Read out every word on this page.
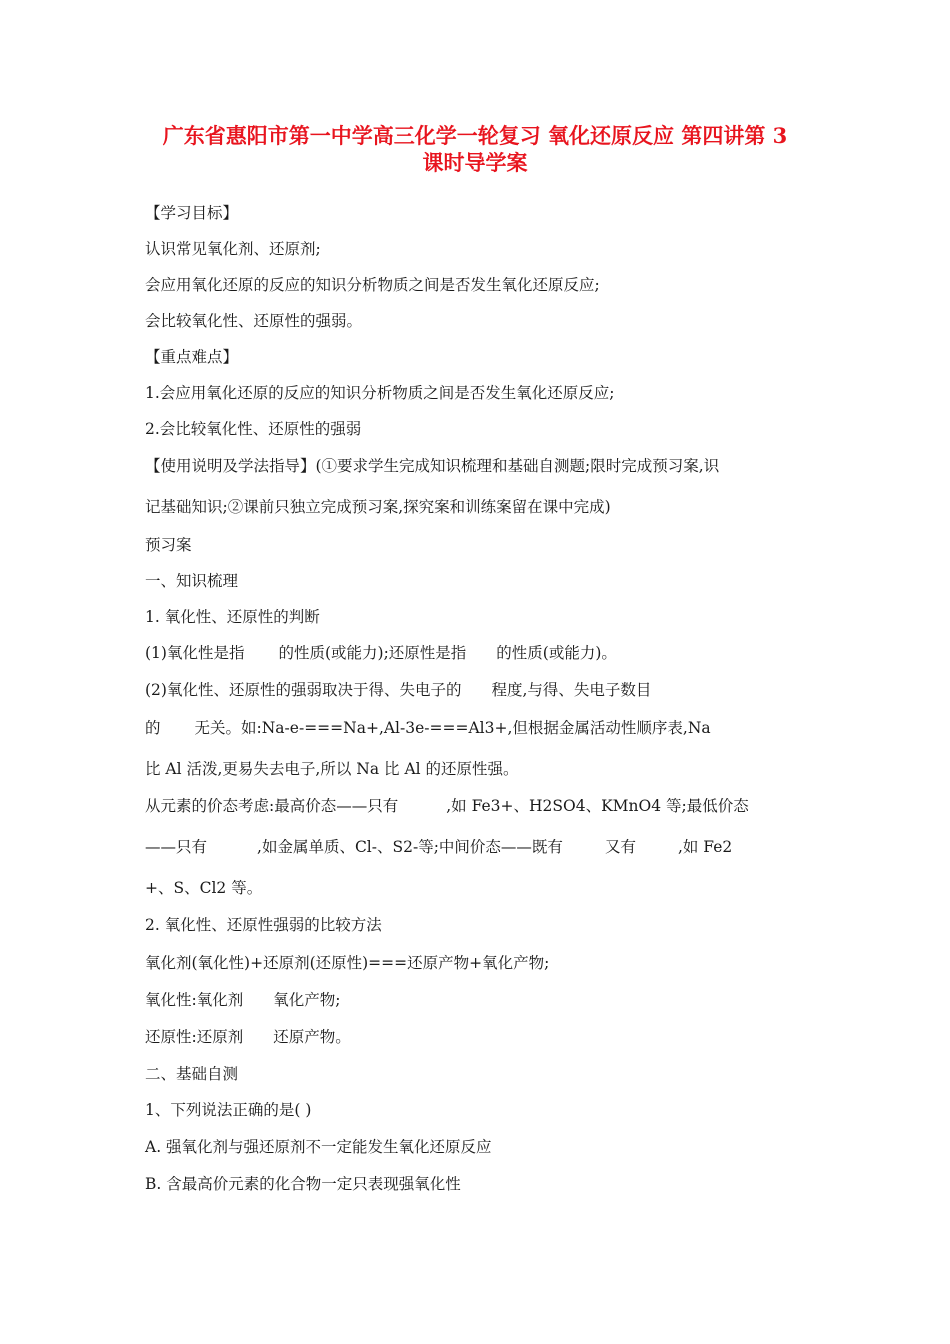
广东省惠阳市第一中学高三化学一轮复习 氧化还原反应 第四讲第 3
课时导学案
【学习目标】
认识常见氧化剂、还原剂;
会应用氧化还原的反应的知识分析物质之间是否发生氧化还原反应;
会比较氧化性、还原性的强弱。
【重点难点】
1.会应用氧化还原的反应的知识分析物质之间是否发生氧化还原反应;
2.会比较氧化性、还原性的强弱
【使用说明及学法指导】(①要求学生完成知识梳理和基础自测题;限时完成预习案,识
记基础知识;②课前只独立完成预习案,探究案和训练案留在课中完成)
预习案
一、知识梳理
1. 氧化性、还原性的判断
(1)氧化性是指 的性质(或能力);还原性是指 的性质(或能力)。
(2)氧化性、还原性的强弱取决于得、失电子的 程度,与得、失电子数目
的 无关。如:Na-e-===Na+,Al-3e-===Al3+,但根据金属活动性顺序表,Na
比 Al 活泼,更易失去电子,所以 Na 比 Al 的还原性强。
从元素的价态考虑:最高价态——只有	,如 Fe3+、H2SO4、KMnO4 等;最低价态
——只有	,如金属单质、Cl-、S2-等;中间价态——既有	又有	,如 Fe2
+、S、Cl2 等。
2. 氧化性、还原性强弱的比较方法
氧化剂(氧化性)+还原剂(还原性)===还原产物+氧化产物;
氧化性:氧化剂 氧化产物;
还原性:还原剂 还原产物。
二、基础自测
1、下列说法正确的是( )
A. 强氧化剂与强还原剂不一定能发生氧化还原反应
B. 含最高价元素的化合物一定只表现强氧化性
